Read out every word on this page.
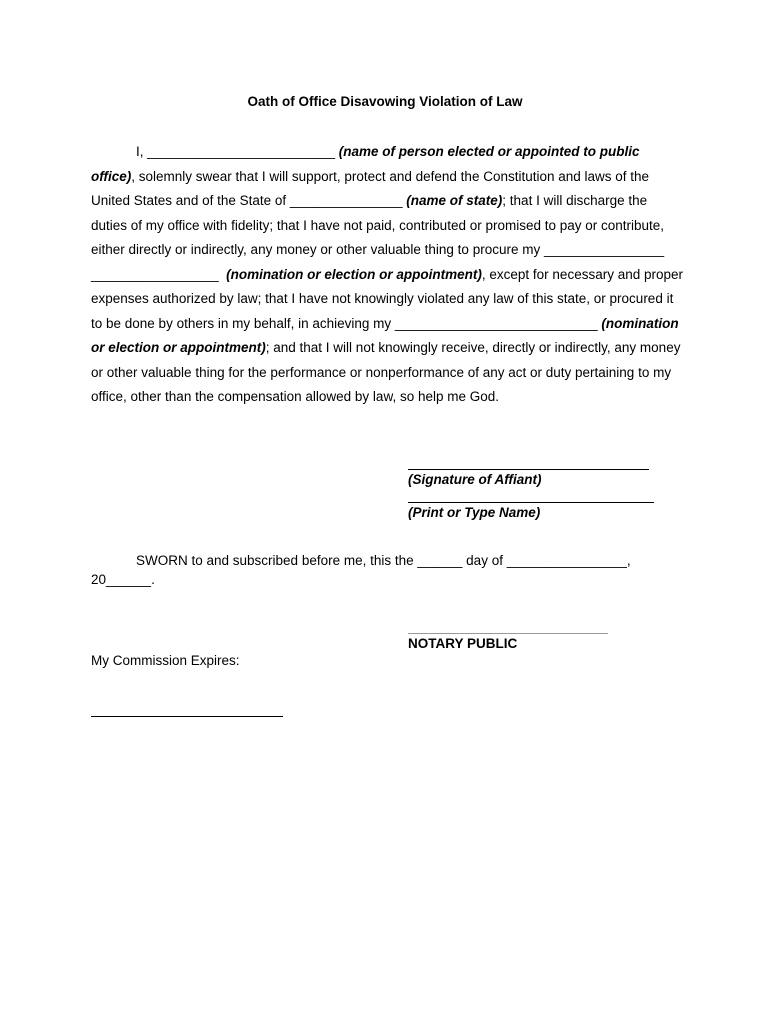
Oath of Office Disavowing Violation of Law

I, _________________________ (name of person elected or appointed to public office), solemnly swear that I will support, protect and defend the Constitution and laws of the United States and of the State of _______________ (name of state); that I will discharge the duties of my office with fidelity; that I have not paid, contributed or promised to pay or contribute, either directly or indirectly, any money or other valuable thing to procure my ________________ _________________  (nomination or election or appointment), except for necessary and proper expenses authorized by law; that I have not knowingly violated any law of this state, or procured it to be done by others in my behalf, in achieving my ___________________________ (nomination or election or appointment); and that I will not knowingly receive, directly or indirectly, any money or other valuable thing for the performance or nonperformance of any act or duty pertaining to my office, other than the compensation allowed by law, so help me God.

(Signature of Affiant)
(Print or Type Name)

SWORN to and subscribed before me, this the ______ day of ________________, 20______.

NOTARY PUBLIC
My Commission Expires:
